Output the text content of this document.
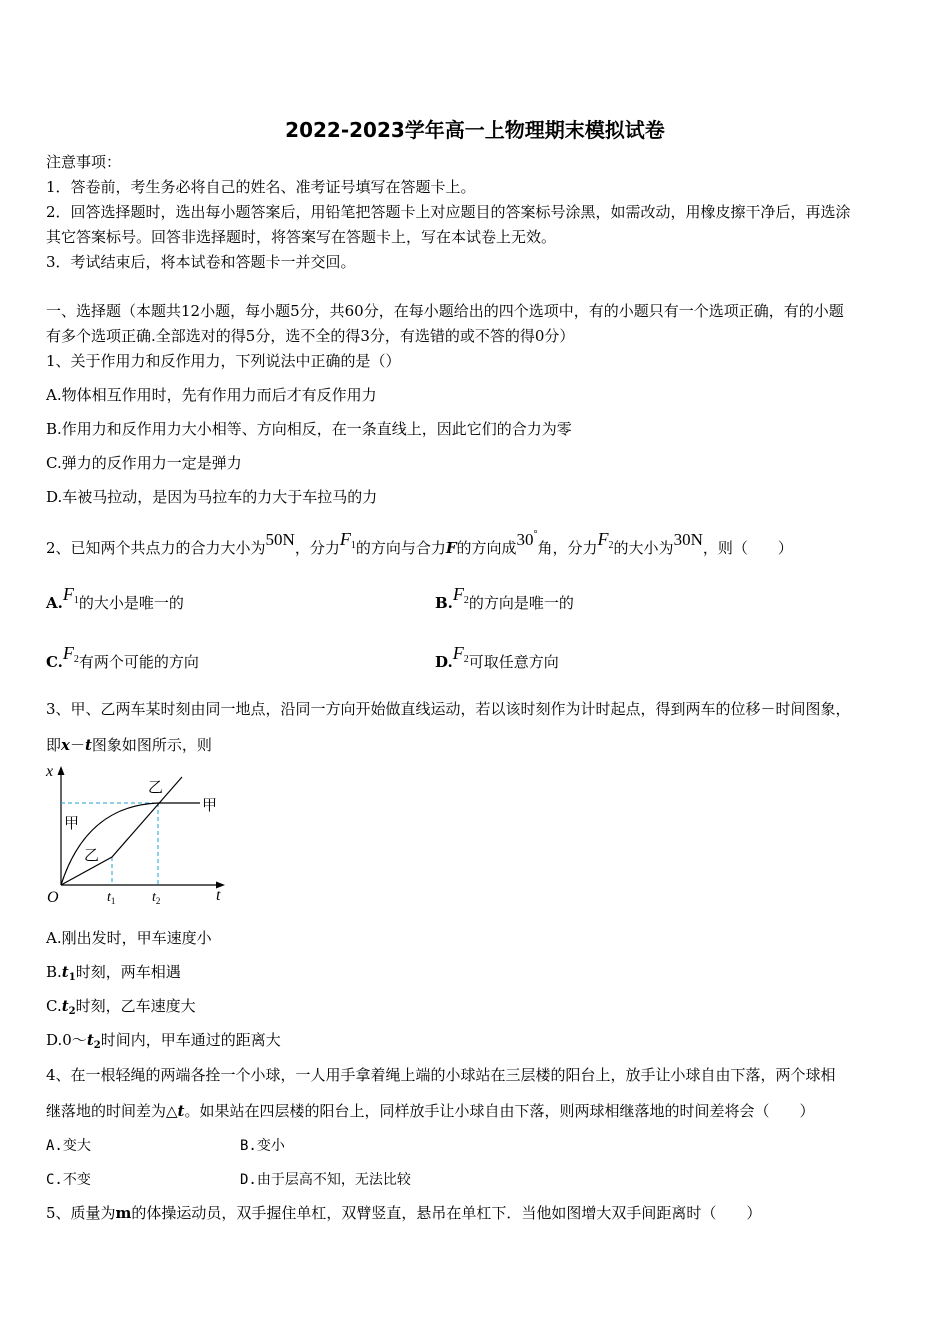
2022-2023学年高一上物理期末模拟试卷
注意事项：
1．答卷前，考生务必将自己的姓名、准考证号填写在答题卡上。
2．回答选择题时，选出每小题答案后，用铅笔把答题卡上对应题目的答案标号涂黑，如需改动，用橡皮擦干净后，再选涂
其它答案标号。回答非选择题时，将答案写在答题卡上，写在本试卷上无效。
3．考试结束后，将本试卷和答题卡一并交回。
一、选择题（本题共12小题，每小题5分，共60分，在每小题给出的四个选项中，有的小题只有一个选项正确，有的小题
有多个选项正确.全部选对的得5分，选不全的得3分，有选错的或不答的得0分）
1、关于作用力和反作用力，下列说法中正确的是（）
A.物体相互作用时，先有作用力而后才有反作用力
B.作用力和反作用力大小相等、方向相反，在一条直线上，因此它们的合力为零
C.弹力的反作用力一定是弹力
D.车被马拉动，是因为马拉车的力大于车拉马的力
2、已知两个共点力的合力大小为50N，分力$F_1$的方向与合力F的方向成30°角，分力$F_2$的大小为30N，则（　　）
$A.F_1$的大小是唯一的	$B.F_2$的方向是唯一的
$C.F_2$有两个可能的方向	$D.F_2$可取任意方向
3、甲、乙两车某时刻由同一地点，沿同一方向开始做直线运动，若以该时刻作为计时起点，得到两车的位移－时间图象，
即x－t图象如图所示，则
x
t
O	$t_1$	$t_2$
甲
甲
乙
乙
A.刚出发时，甲车速度小
$B.t_1$时刻，两车相遇
$C.t_2$时刻，乙车速度大
$D.0\sim t_2$时间内，甲车通过的距离大
4、在一根轻绳的两端各拴一个小球，一人用手拿着绳上端的小球站在三层楼的阳台上，放手让小球自由下落，两个球相
继落地的时间差为△t。如果站在四层楼的阳台上，同样放手让小球自由下落，则两球相继落地的时间差将会（　　）
A.变大	B.变小
C.不变	D.由于层高不知，无法比较
5、质量为m的体操运动员，双手握住单杠，双臂竖直，悬吊在单杠下．当他如图增大双手间距离时（　　）
